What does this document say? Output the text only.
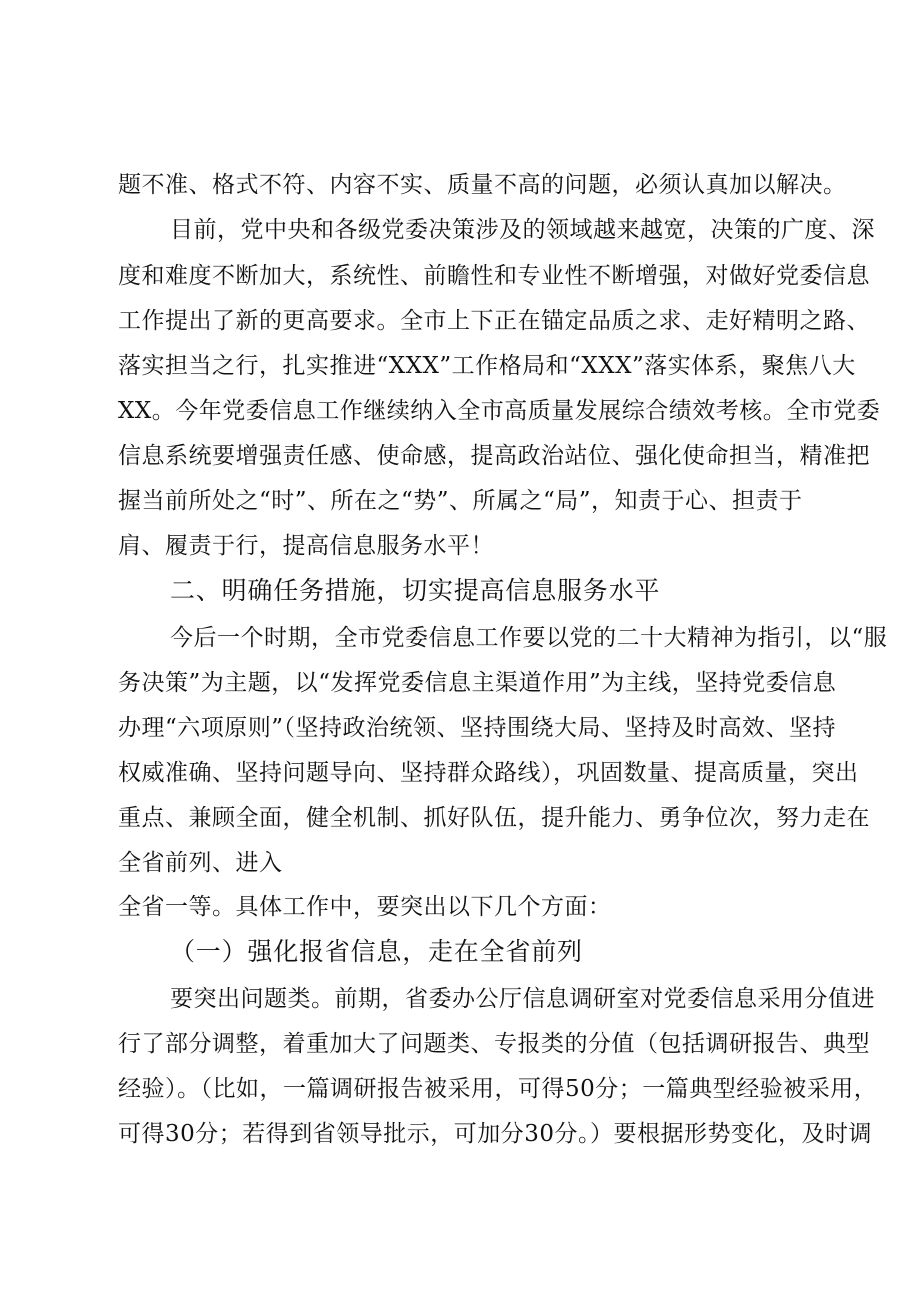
题不准、格式不符、内容不实、质量不高的问题，必须认真加以解决。
目前，党中央和各级党委决策涉及的领域越来越宽，决策的广度、深
度和难度不断加大，系统性、前瞻性和专业性不断增强，对做好党委信息
工作提出了新的更高要求。全市上下正在锚定品质之求、走好精明之路、
落实担当之行，扎实推进“XXX”工作格局和“XXX”落实体系，聚焦八大
XX。今年党委信息工作继续纳入全市高质量发展综合绩效考核。全市党委
信息系统要增强责任感、使命感，提高政治站位、强化使命担当，精准把
握当前所处之“时”、所在之“势”、所属之“局”，知责于心、担责于
肩、履责于行，提高信息服务水平！
二、明确任务措施，切实提高信息服务水平
今后一个时期，全市党委信息工作要以党的二十大精神为指引，以“服
务决策”为主题，以“发挥党委信息主渠道作用”为主线，坚持党委信息
办理“六项原则”（坚持政治统领、坚持围绕大局、坚持及时高效、坚持
权威准确、坚持问题导向、坚持群众路线），巩固数量、提高质量，突出
重点、兼顾全面，健全机制、抓好队伍，提升能力、勇争位次，努力走在
全省前列、进入
全省一等。具体工作中，要突出以下几个方面：
（一）强化报省信息，走在全省前列
要突出问题类。前期，省委办公厅信息调研室对党委信息采用分值进
行了部分调整，着重加大了问题类、专报类的分值（包括调研报告、典型
经验）。（比如，一篇调研报告被采用，可得50分；一篇典型经验被采用，
可得30分；若得到省领导批示，可加分30分。）要根据形势变化，及时调
